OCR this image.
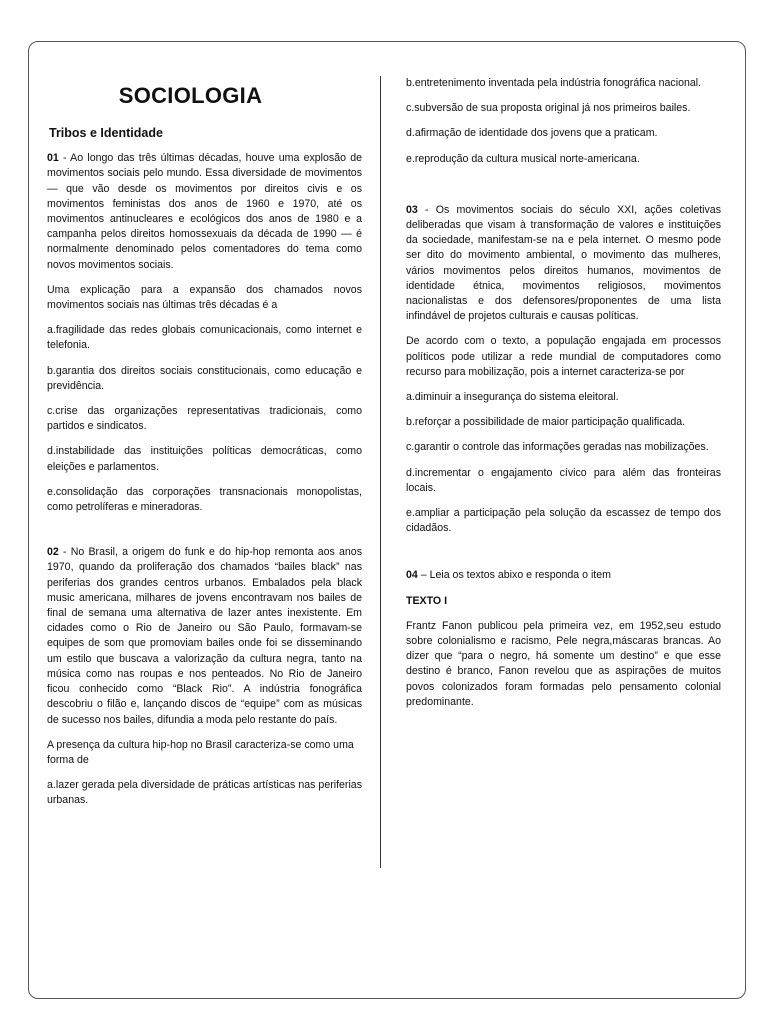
SOCIOLOGIA
Tribos e Identidade

01 - Ao longo das três últimas décadas, houve uma explosão de movimentos sociais pelo mundo. Essa diversidade de movimentos — que vão desde os movimentos por direitos civis e os movimentos feministas dos anos de 1960 e 1970, até os movimentos antinucleares e ecológicos dos anos de 1980 e a campanha pelos direitos homossexuais da década de 1990 — é normalmente denominado pelos comentadores do tema como novos movimentos sociais.

Uma explicação para a expansão dos chamados novos movimentos sociais nas últimas três décadas é a

a.fragilidade das redes globais comunicacionais, como internet e telefonia.

b.garantia dos direitos sociais constitucionais, como educação e previdência.

c.crise das organizações representativas tradicionais, como partidos e sindicatos.

d.instabilidade das instituições políticas democráticas, como eleições e parlamentos.

e.consolidação das corporações transnacionais monopolistas, como petrolíferas e mineradoras.

02 - No Brasil, a origem do funk e do hip-hop remonta aos anos 1970, quando da proliferação dos chamados “bailes black” nas periferias dos grandes centros urbanos. Embalados pela black music americana, milhares de jovens encontravam nos bailes de final de semana uma alternativa de lazer antes inexistente. Em cidades como o Rio de Janeiro ou São Paulo, formavam-se equipes de som que promoviam bailes onde foi se disseminando um estilo que buscava a valorização da cultura negra, tanto na música como nas roupas e nos penteados. No Rio de Janeiro ficou conhecido como “Black Rio”. A indústria fonográfica descobriu o filão e, lançando discos de “equipe” com as músicas de sucesso nos bailes, difundia a moda pelo restante do país.

A presença da cultura hip-hop no Brasil caracteriza-se como uma forma de

a.lazer gerada pela diversidade de práticas artísticas nas periferias urbanas.

b.entretenimento inventada pela indústria fonográfica nacional.

c.subversão de sua proposta original já nos primeiros bailes.

d.afirmação de identidade dos jovens que a praticam.

e.reprodução da cultura musical norte-americana.

03 - Os movimentos sociais do século XXI, ações coletivas deliberadas que visam à transformação de valores e instituições da sociedade, manifestam-se na e pela internet. O mesmo pode ser dito do movimento ambiental, o movimento das mulheres, vários movimentos pelos direitos humanos, movimentos de identidade étnica, movimentos religiosos, movimentos nacionalistas e dos defensores/proponentes de uma lista infindável de projetos culturais e causas políticas.

De acordo com o texto, a população engajada em processos políticos pode utilizar a rede mundial de computadores como recurso para mobilização, pois a internet caracteriza-se por

a.diminuir a insegurança do sistema eleitoral.

b.reforçar a possibilidade de maior participação qualificada.

c.garantir o controle das informações geradas nas mobilizações.

d.incrementar o engajamento cívico para além das fronteiras locais.

e.ampliar a participação pela solução da escassez de tempo dos cidadãos.

04 – Leia os textos abixo e responda o item

TEXTO I

Frantz Fanon publicou pela primeira vez, em 1952,seu estudo sobre colonialismo e racismo, Pele negra,máscaras brancas. Ao dizer que “para o negro, há somente um destino” e que esse destino é branco, Fanon revelou que as aspirações de muitos povos colonizados foram formadas pelo pensamento colonial predominante.
